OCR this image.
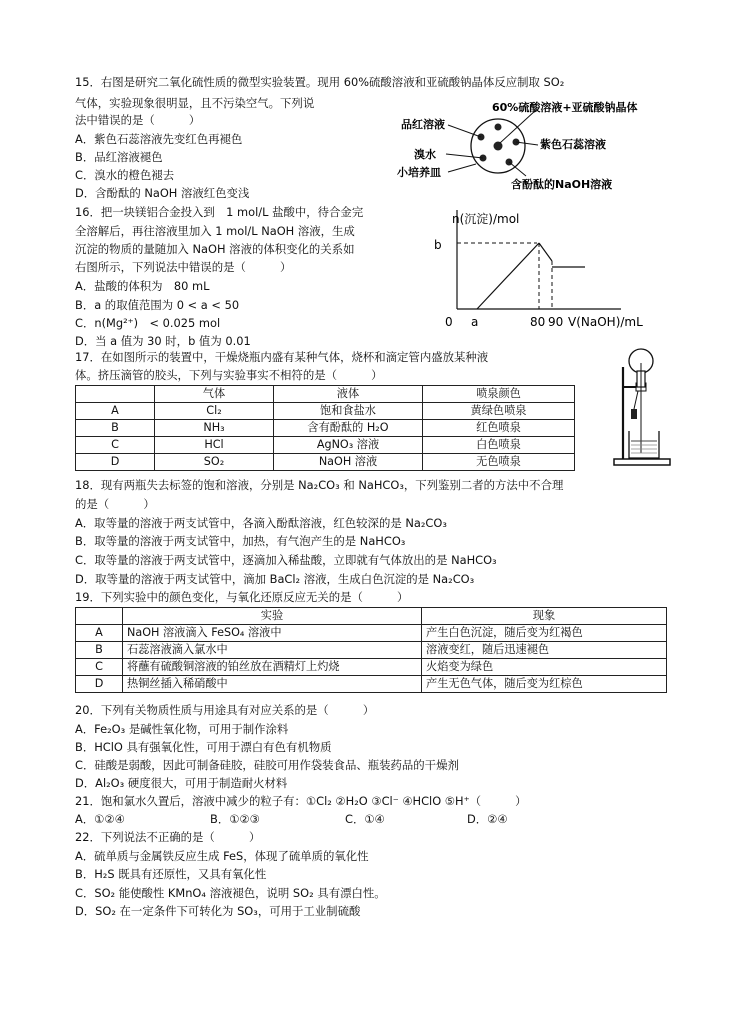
15．右图是研究二氧化硫性质的微型实验装置。现用 60%硫酸溶液和亚硫酸钠晶体反应制取 SO₂
气体，实验现象很明显，且不污染空气。下列说
法中错误的是（　　　）
A．紫色石蕊溶液先变红色再褪色
B．品红溶液褪色
C．溴水的橙色褪去
D．含酚酞的 NaOH 溶液红色变浅
60%硫酸溶液+亚硫酸钠晶体
品红溶液
紫色石蕊溶液
溴水
小培养皿
含酚酞的NaOH溶液
16．把一块镁铝合金投入到　1 mol/L 盐酸中，待合金完
全溶解后，再往溶液里加入 1 mol/L NaOH 溶液，生成
沉淀的物质的量随加入 NaOH 溶液的体积变化的关系如
右图所示，下列说法中错误的是（　　　）
A．盐酸的体积为　80 mL
B．a 的取值范围为 0 < a < 50
C．n(Mg²⁺)　< 0.025 mol
D．当 a 值为 30 时，b 值为 0.01
n(沉淀)/mol
b
0 a	80 90 V(NaOH)/mL
17．在如图所示的装置中，干燥烧瓶内盛有某种气体，烧杯和滴定管内盛放某种液
体。挤压滴管的胶头，下列与实验事实不相符的是（　　　）
	气体	液体	喷泉颜色
A	Cl₂	饱和食盐水	黄绿色喷泉
B	NH₃	含有酚酞的 H₂O	红色喷泉
C	HCl	AgNO₃ 溶液	白色喷泉
D	SO₂	NaOH 溶液	无色喷泉
18．现有两瓶失去标签的饱和溶液，分别是 Na₂CO₃ 和 NaHCO₃，下列鉴别二者的方法中不合理
的是（　　　）
A．取等量的溶液于两支试管中，各滴入酚酞溶液，红色较深的是 Na₂CO₃
B．取等量的溶液于两支试管中，加热，有气泡产生的是 NaHCO₃
C．取等量的溶液于两支试管中，逐滴加入稀盐酸，立即就有气体放出的是 NaHCO₃
D．取等量的溶液于两支试管中，滴加 BaCl₂ 溶液，生成白色沉淀的是 Na₂CO₃
19．下列实验中的颜色变化，与氧化还原反应无关的是（　　　）
	实验	现象
A	NaOH 溶液滴入 FeSO₄ 溶液中	产生白色沉淀，随后变为红褐色
B	石蕊溶液滴入氯水中	溶液变红，随后迅速褪色
C	将蘸有硫酸铜溶液的铂丝放在酒精灯上灼烧	火焰变为绿色
D	热铜丝插入稀硝酸中	产生无色气体，随后变为红棕色
20．下列有关物质性质与用途具有对应关系的是（　　　）
A．Fe₂O₃ 是碱性氧化物，可用于制作涂料
B．HClO 具有强氧化性，可用于漂白有色有机物质
C．硅酸是弱酸，因此可制备硅胶，硅胶可用作袋装食品、瓶装药品的干燥剂
D．Al₂O₃ 硬度很大，可用于制造耐火材料
21．饱和氯水久置后，溶液中减少的粒子有：①Cl₂ ②H₂O ③Cl⁻ ④HClO ⑤H⁺（　　　）
A．①②④	B．①②③	C．①④	D．②④
22．下列说法不正确的是（　　　）
A．硫单质与金属铁反应生成 FeS，体现了硫单质的氧化性
B．H₂S 既具有还原性，又具有氧化性
C．SO₂ 能使酸性 KMnO₄ 溶液褪色，说明 SO₂ 具有漂白性。
D．SO₂ 在一定条件下可转化为 SO₃，可用于工业制硫酸
